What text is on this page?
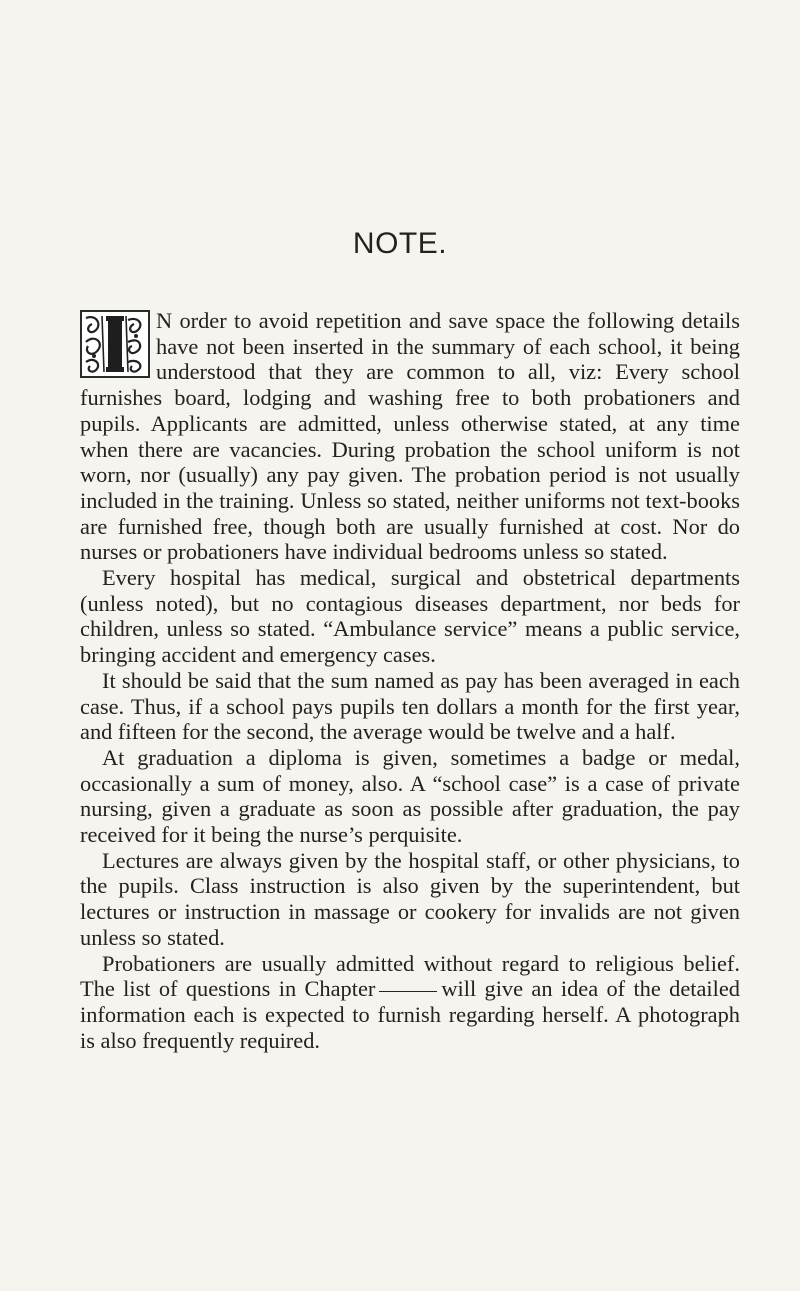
NOTE.

N order to avoid repetition and save space the following details have not been inserted in the summary of each school, it being understood that they are common to all, viz: Every school furnishes board, lodging and washing free to both probationers and pupils. Applicants are admitted, unless otherwise stated, at any time when there are vacancies. During probation the school uniform is not worn, nor (usually) any pay given. The probation period is not usually included in the training. Unless so stated, neither uniforms not text-books are furnished free, though both are usually furnished at cost. Nor do nurses or probationers have individual bedrooms unless so stated.

Every hospital has medical, surgical and obstetrical departments (unless noted), but no contagious diseases department, nor beds for children, unless so stated. “Ambulance service” means a public service, bringing accident and emergency cases.

It should be said that the sum named as pay has been averaged in each case. Thus, if a school pays pupils ten dollars a month for the first year, and fifteen for the second, the average would be twelve and a half.

At graduation a diploma is given, sometimes a badge or medal, occasionally a sum of money, also. A “school case” is a case of private nursing, given a graduate as soon as possible after graduation, the pay received for it being the nurse’s perquisite.

Lectures are always given by the hospital staff, or other physicians, to the pupils. Class instruction is also given by the superintendent, but lectures or instruction in massage or cookery for invalids are not given unless so stated.

Probationers are usually admitted without regard to religious belief. The list of questions in Chapter	will give an idea of the detailed information each is expected to furnish regarding herself. A photograph is also frequently required.
